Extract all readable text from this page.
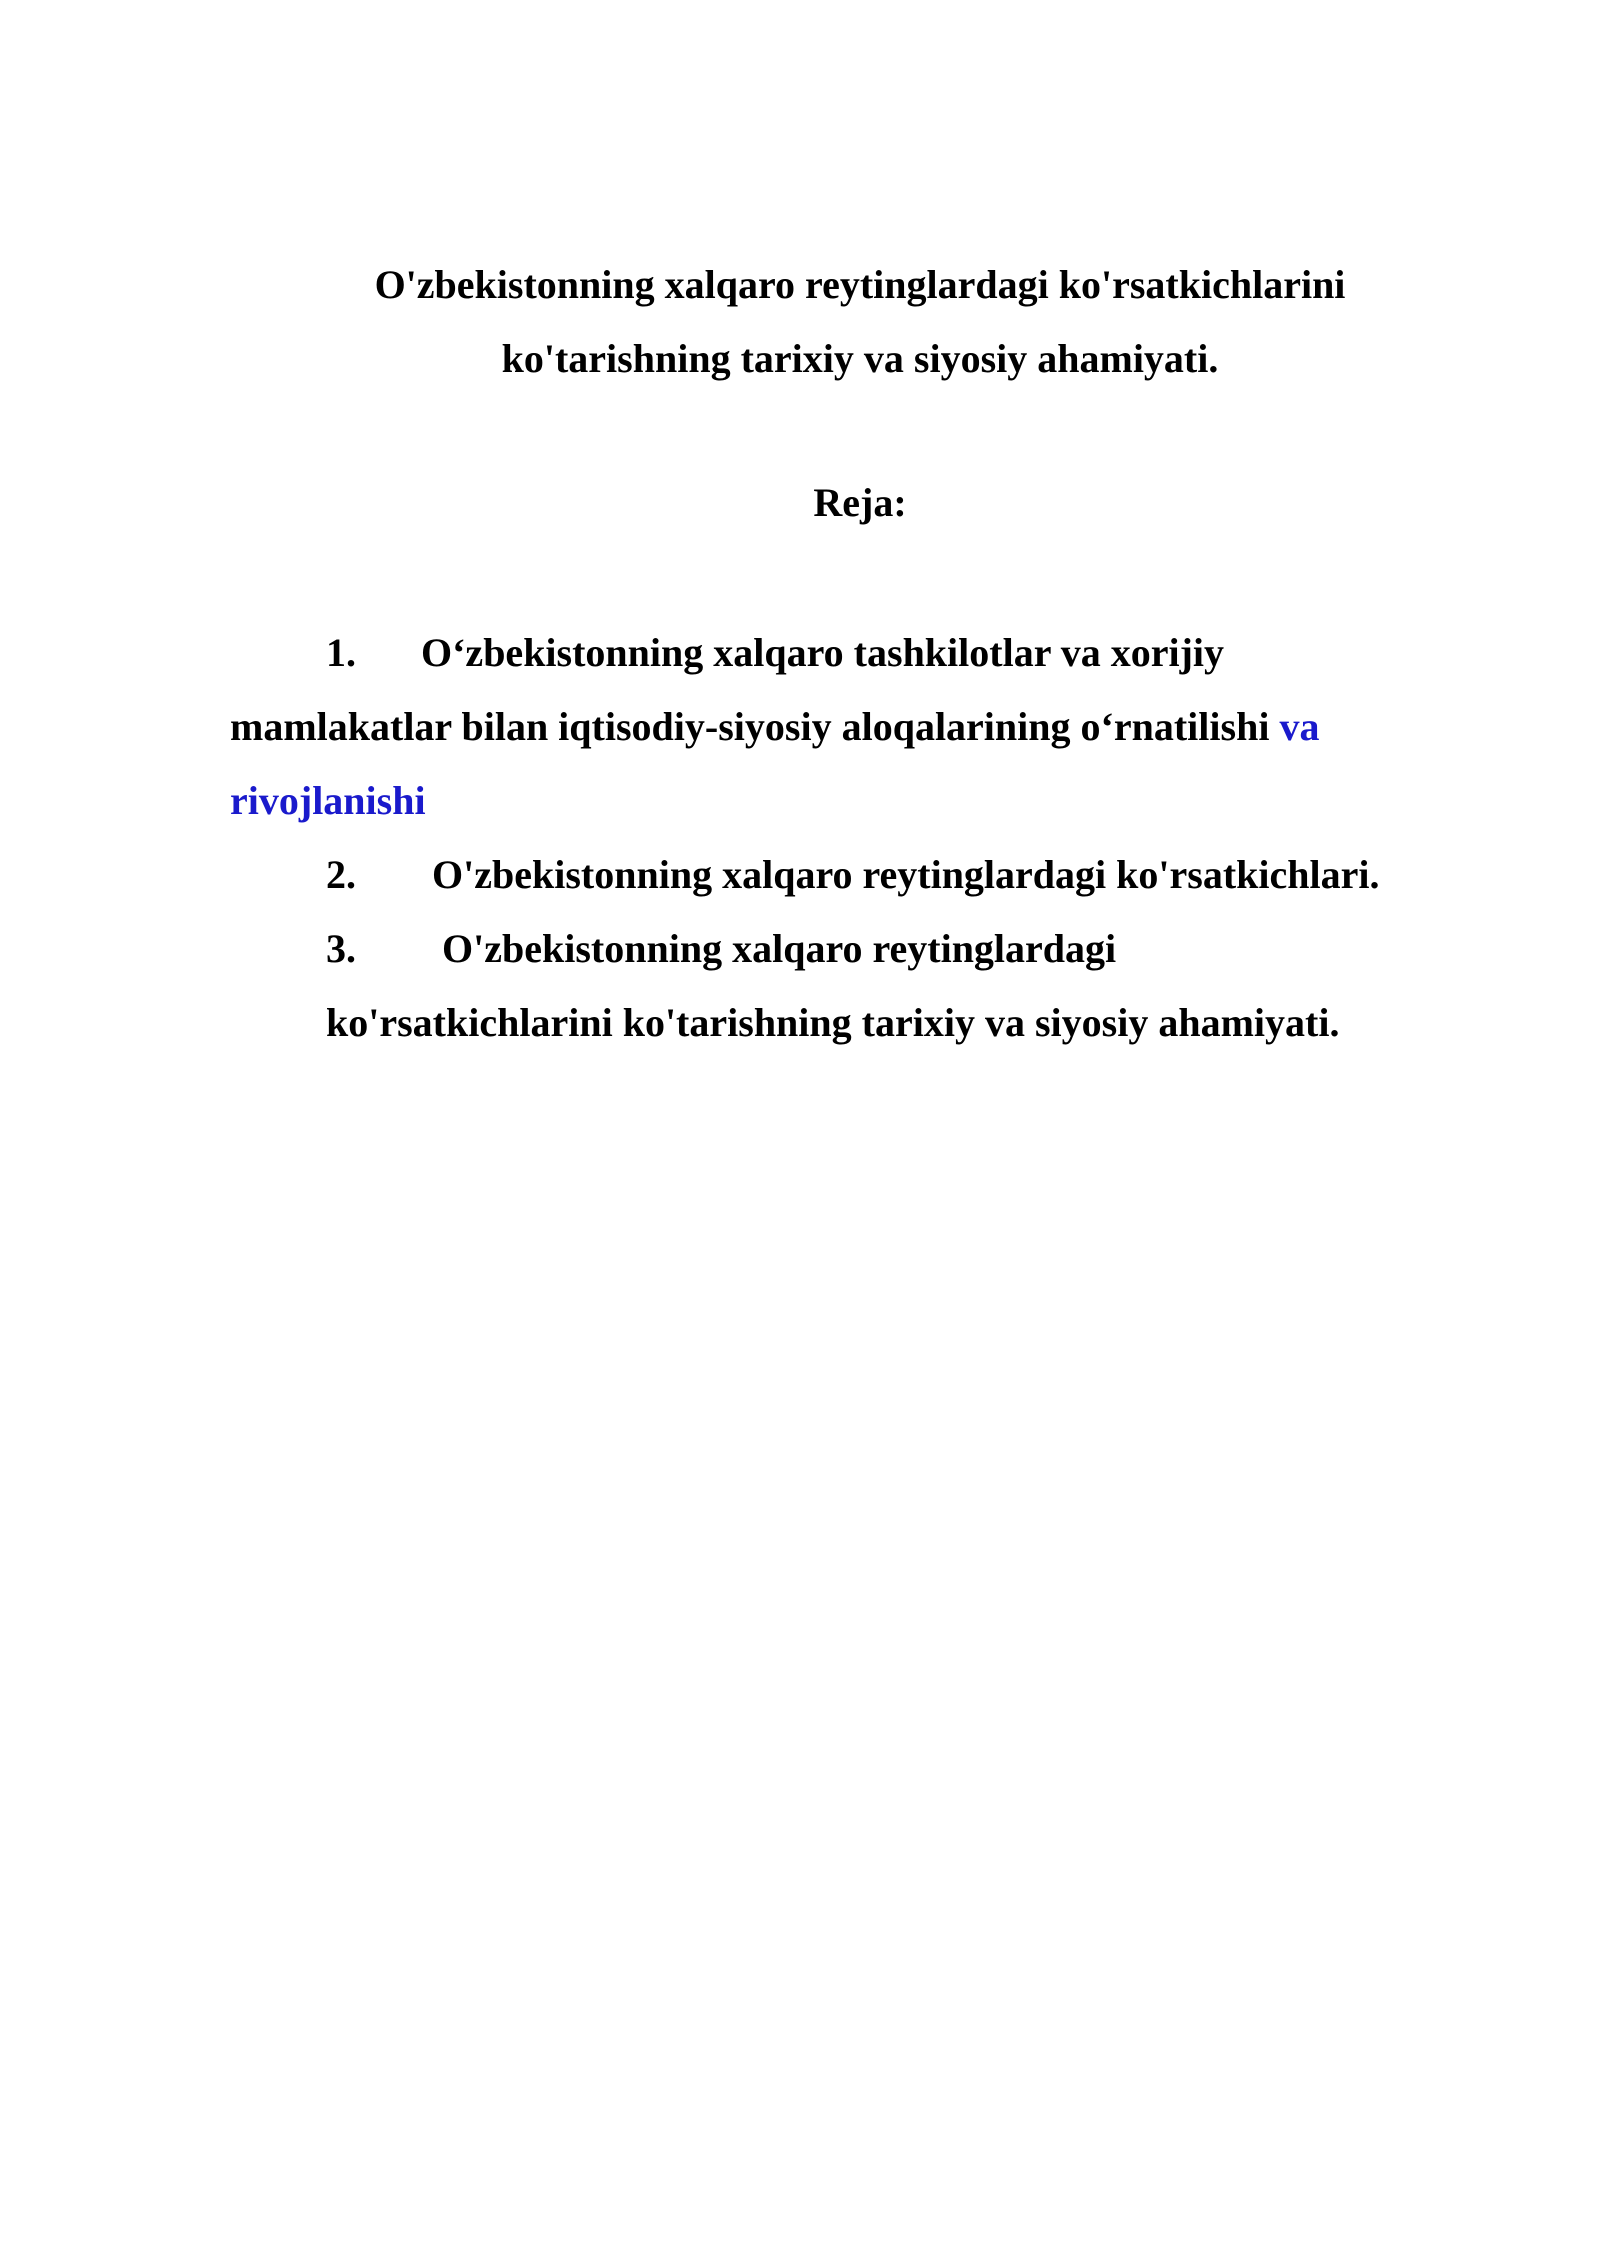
O'zbekistonning xalqaro reytinglardagi ko'rsatkichlarini
ko'tarishning tarixiy va siyosiy ahamiyati.
Reja:
1. O‘zbekistonning xalqaro tashkilotlar va xorijiy
mamlakatlar bilan iqtisodiy-siyosiy aloqalarining o‘rnatilishi va
rivojlanishi
2. O'zbekistonning xalqaro reytinglardagi ko'rsatkichlari.
3. O'zbekistonning xalqaro reytinglardagi
ko'rsatkichlarini ko'tarishning tarixiy va siyosiy ahamiyati.
